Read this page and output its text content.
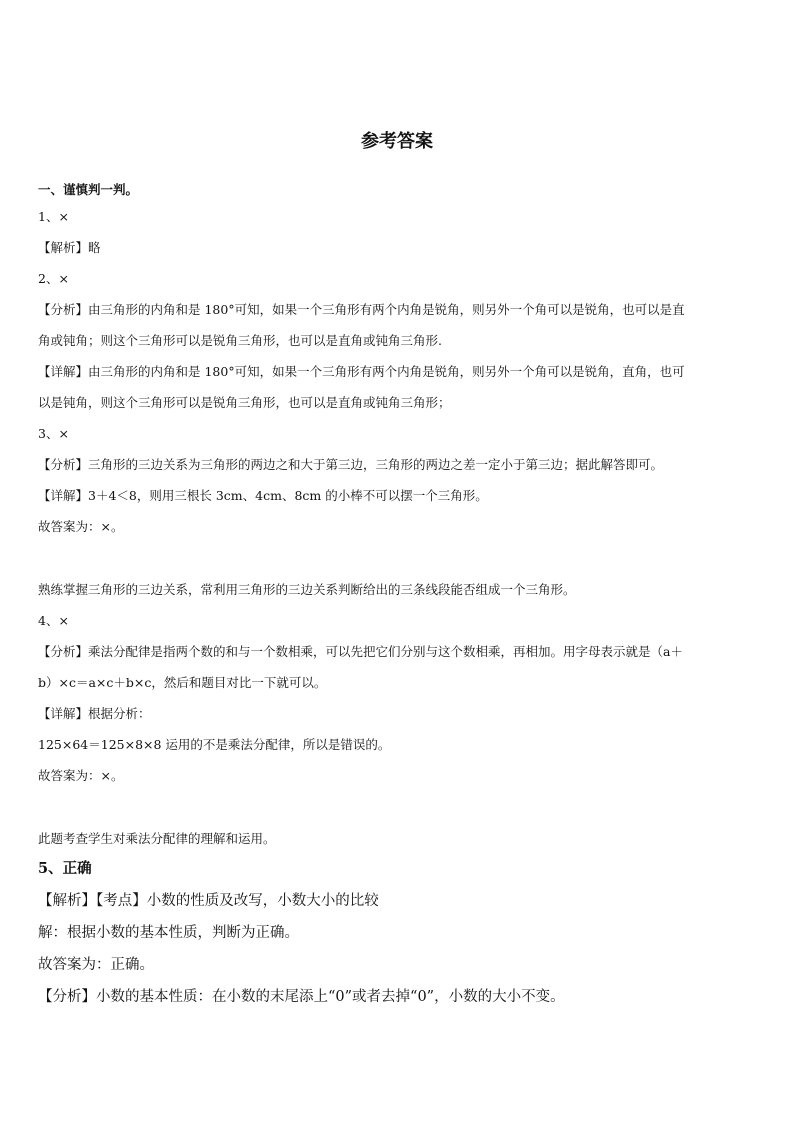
参考答案
一、谨慎判一判。
1、×
【解析】略
2、×
【分析】由三角形的内角和是 180°可知，如果一个三角形有两个内角是锐角，则另外一个角可以是锐角，也可以是直
角或钝角；则这个三角形可以是锐角三角形，也可以是直角或钝角三角形.
【详解】由三角形的内角和是 180°可知，如果一个三角形有两个内角是锐角，则另外一个角可以是锐角，直角，也可
以是钝角，则这个三角形可以是锐角三角形，也可以是直角或钝角三角形；
3、×
【分析】三角形的三边关系为三角形的两边之和大于第三边，三角形的两边之差一定小于第三边；据此解答即可。
【详解】3＋4＜8，则用三根长 3cm、4cm、8cm 的小棒不可以摆一个三角形。
故答案为：×。
熟练掌握三角形的三边关系，常利用三角形的三边关系判断给出的三条线段能否组成一个三角形。
4、×
【分析】乘法分配律是指两个数的和与一个数相乘，可以先把它们分别与这个数相乘，再相加。用字母表示就是（a＋
b）×c＝a×c＋b×c，然后和题目对比一下就可以。
【详解】根据分析：
125×64＝125×8×8 运用的不是乘法分配律，所以是错误的。
故答案为：×。
此题考查学生对乘法分配律的理解和运用。
5、正确
【解析】【考点】小数的性质及改写，小数大小的比较
解：根据小数的基本性质，判断为正确。
故答案为：正确。
【分析】小数的基本性质：在小数的末尾添上“0”或者去掉“0”，小数的大小不变。
